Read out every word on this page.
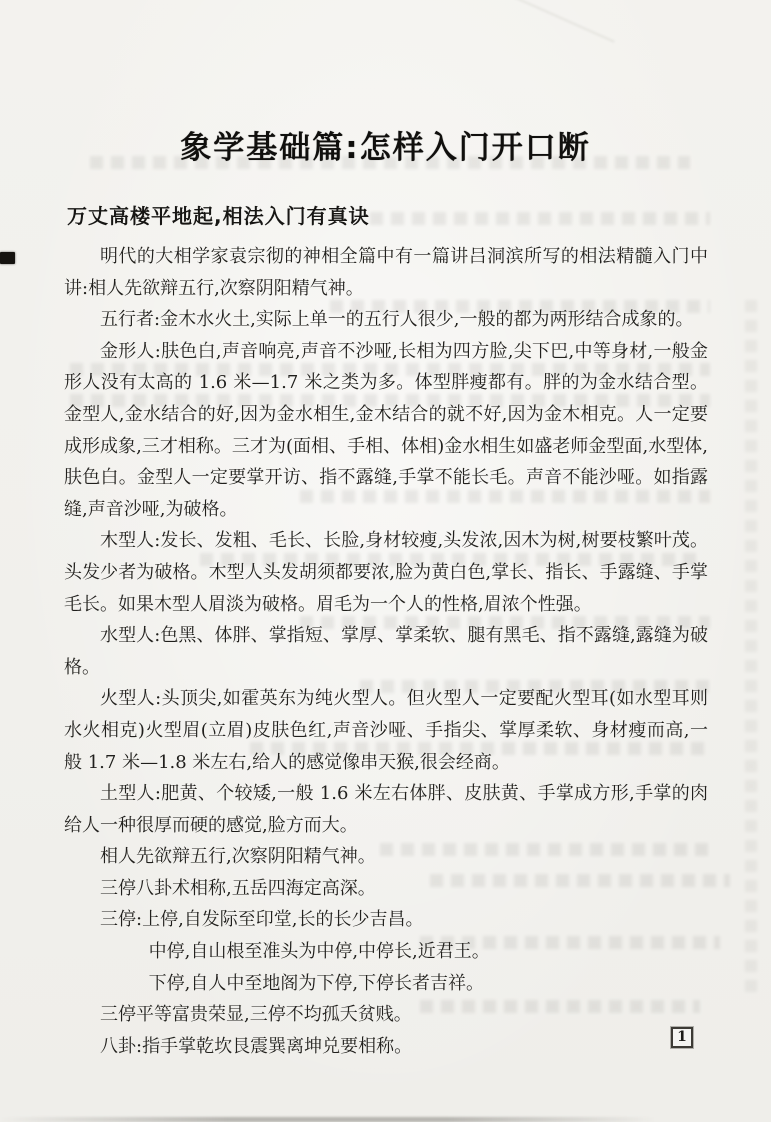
象学基础篇:怎样入门开口断
万丈高楼平地起,相法入门有真诀

明代的大相学家袁宗彻的神相全篇中有一篇讲吕洞滨所写的相法精髓入门中讲:相人先欲辩五行,次察阴阳精气神。

五行者:金木水火土,实际上单一的五行人很少,一般的都为两形结合成象的。

金形人:肤色白,声音响亮,声音不沙哑,长相为四方脸,尖下巴,中等身材,一般金形人没有太高的 1.6 米—1.7 米之类为多。体型胖瘦都有。胖的为金水结合型。金型人,金水结合的好,因为金水相生,金木结合的就不好,因为金木相克。人一定要成形成象,三才相称。三才为(面相、手相、体相)金水相生如盛老师金型面,水型体,肤色白。金型人一定要掌开访、指不露缝,手掌不能长毛。声音不能沙哑。如指露缝,声音沙哑,为破格。

木型人:发长、发粗、毛长、长脸,身材较瘦,头发浓,因木为树,树要枝繁叶茂。头发少者为破格。木型人头发胡须都要浓,脸为黄白色,掌长、指长、手露缝、手掌毛长。如果木型人眉淡为破格。眉毛为一个人的性格,眉浓个性强。

水型人:色黑、体胖、掌指短、掌厚、掌柔软、腿有黑毛、指不露缝,露缝为破格。

火型人:头顶尖,如霍英东为纯火型人。但火型人一定要配火型耳(如水型耳则水火相克)火型眉(立眉)皮肤色红,声音沙哑、手指尖、掌厚柔软、身材瘦而高,一般 1.7 米—1.8 米左右,给人的感觉像串天猴,很会经商。

土型人:肥黄、个较矮,一般 1.6 米左右体胖、皮肤黄、手掌成方形,手掌的肉给人一种很厚而硬的感觉,脸方而大。

相人先欲辩五行,次察阴阳精气神。

三停八卦术相称,五岳四海定高深。

三停:上停,自发际至印堂,长的长少吉昌。

中停,自山根至准头为中停,中停长,近君王。

下停,自人中至地阁为下停,下停长者吉祥。

三停平等富贵荣显,三停不均孤夭贫贱。

八卦:指手掌乾坎艮震巽离坤兑要相称。	1
